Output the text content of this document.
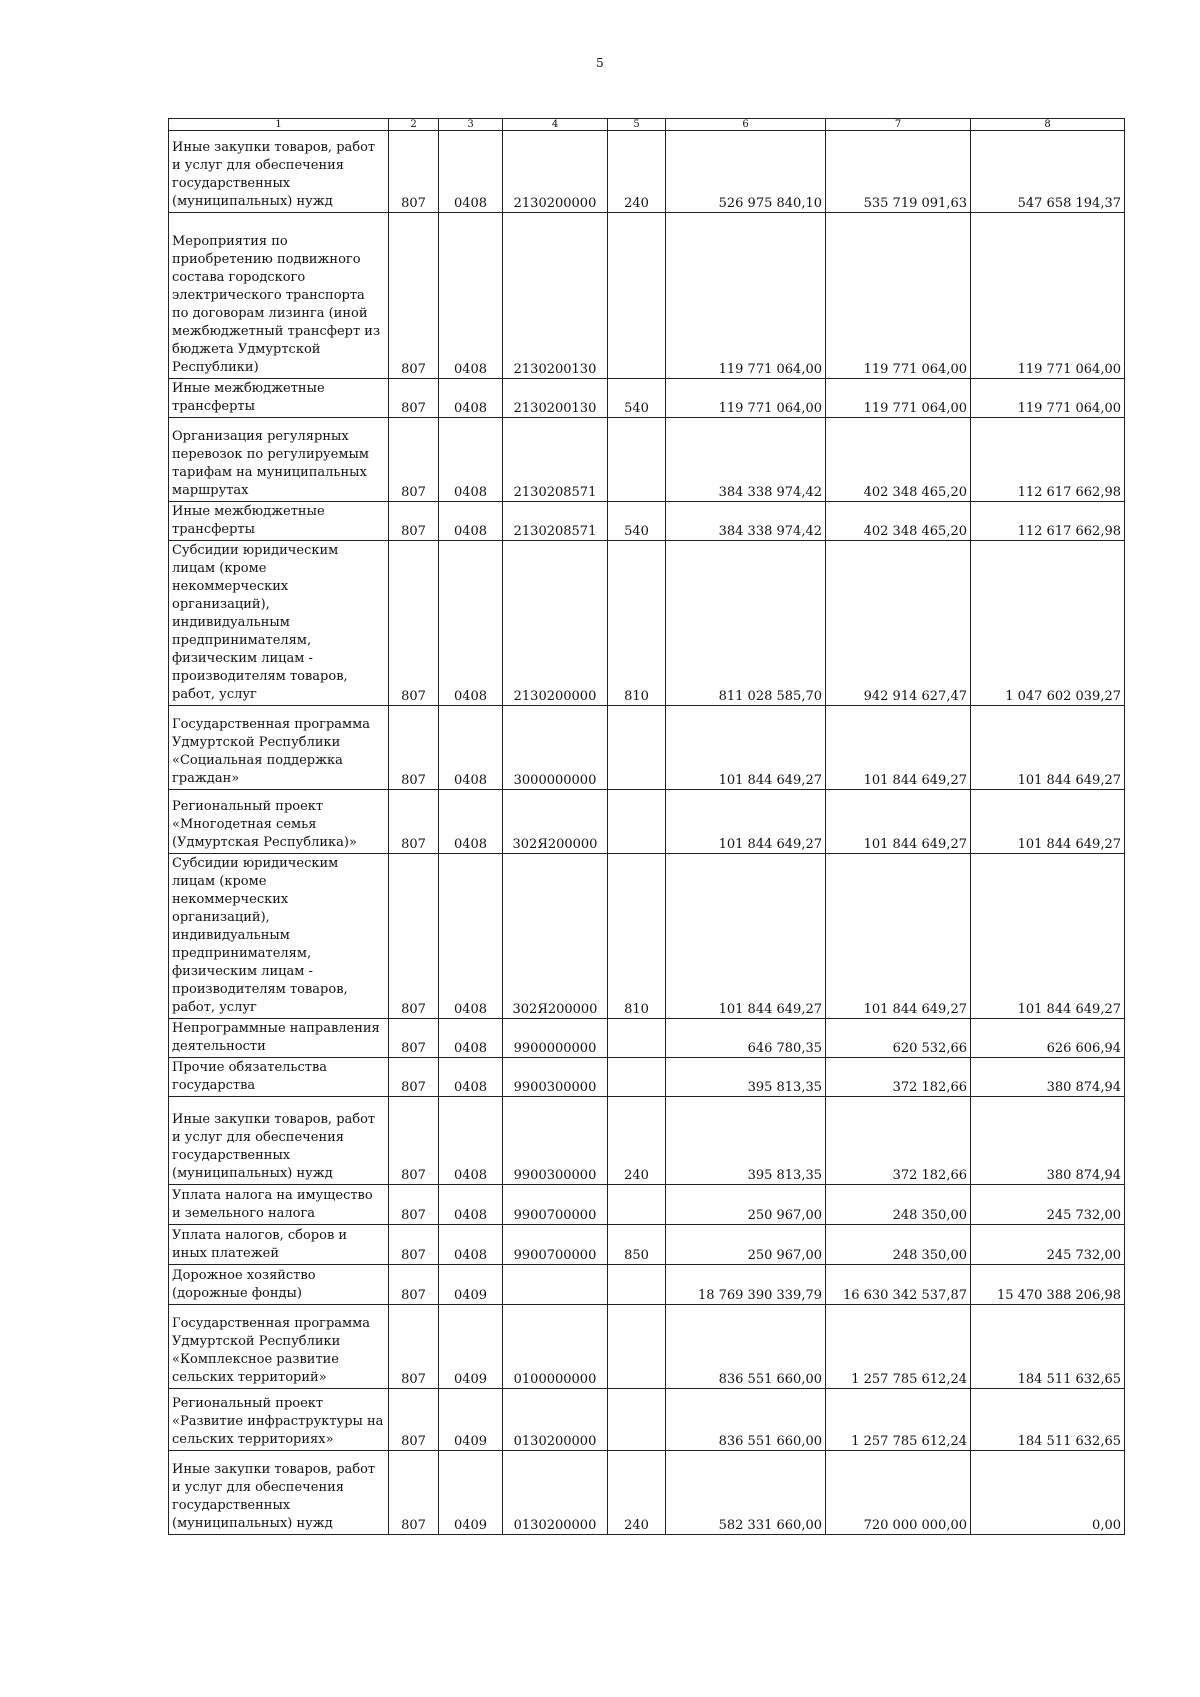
5
1	2	3	4	5	6	7	8
Иные закупки товаров, работ и услуг для обеспечения государственных (муниципальных) нужд	807	0408	2130200000	240	526 975 840,10	535 719 091,63	547 658 194,37
Мероприятия по приобретению подвижного состава городского электрического транспорта по договорам лизинга (иной межбюджетный трансферт из бюджета Удмуртской Республики)	807	0408	2130200130		119 771 064,00	119 771 064,00	119 771 064,00
Иные межбюджетные трансферты	807	0408	2130200130	540	119 771 064,00	119 771 064,00	119 771 064,00
Организация регулярных перевозок по регулируемым тарифам на муниципальных маршрутах	807	0408	2130208571		384 338 974,42	402 348 465,20	112 617 662,98
Иные межбюджетные трансферты	807	0408	2130208571	540	384 338 974,42	402 348 465,20	112 617 662,98
Субсидии юридическим лицам (кроме некоммерческих организаций), индивидуальным предпринимателям, физическим лицам - производителям товаров, работ, услуг	807	0408	2130200000	810	811 028 585,70	942 914 627,47	1 047 602 039,27
Государственная программа Удмуртской Республики «Социальная поддержка граждан»	807	0408	3000000000		101 844 649,27	101 844 649,27	101 844 649,27
Региональный проект «Многодетная семья (Удмуртская Республика)»	807	0408	302Я200000		101 844 649,27	101 844 649,27	101 844 649,27
Субсидии юридическим лицам (кроме некоммерческих организаций), индивидуальным предпринимателям, физическим лицам - производителям товаров, работ, услуг	807	0408	302Я200000	810	101 844 649,27	101 844 649,27	101 844 649,27
Непрограммные направления деятельности	807	0408	9900000000		646 780,35	620 532,66	626 606,94
Прочие обязательства государства	807	0408	9900300000		395 813,35	372 182,66	380 874,94
Иные закупки товаров, работ и услуг для обеспечения государственных (муниципальных) нужд	807	0408	9900300000	240	395 813,35	372 182,66	380 874,94
Уплата налога на имущество и земельного налога	807	0408	9900700000		250 967,00	248 350,00	245 732,00
Уплата налогов, сборов и иных платежей	807	0408	9900700000	850	250 967,00	248 350,00	245 732,00
Дорожное хозяйство (дорожные фонды)	807	0409			18 769 390 339,79	16 630 342 537,87	15 470 388 206,98
Государственная программа Удмуртской Республики «Комплексное развитие сельских территорий»	807	0409	0100000000		836 551 660,00	1 257 785 612,24	184 511 632,65
Региональный проект «Развитие инфраструктуры на сельских территориях»	807	0409	0130200000		836 551 660,00	1 257 785 612,24	184 511 632,65
Иные закупки товаров, работ и услуг для обеспечения государственных (муниципальных) нужд	807	0409	0130200000	240	582 331 660,00	720 000 000,00	0,00
